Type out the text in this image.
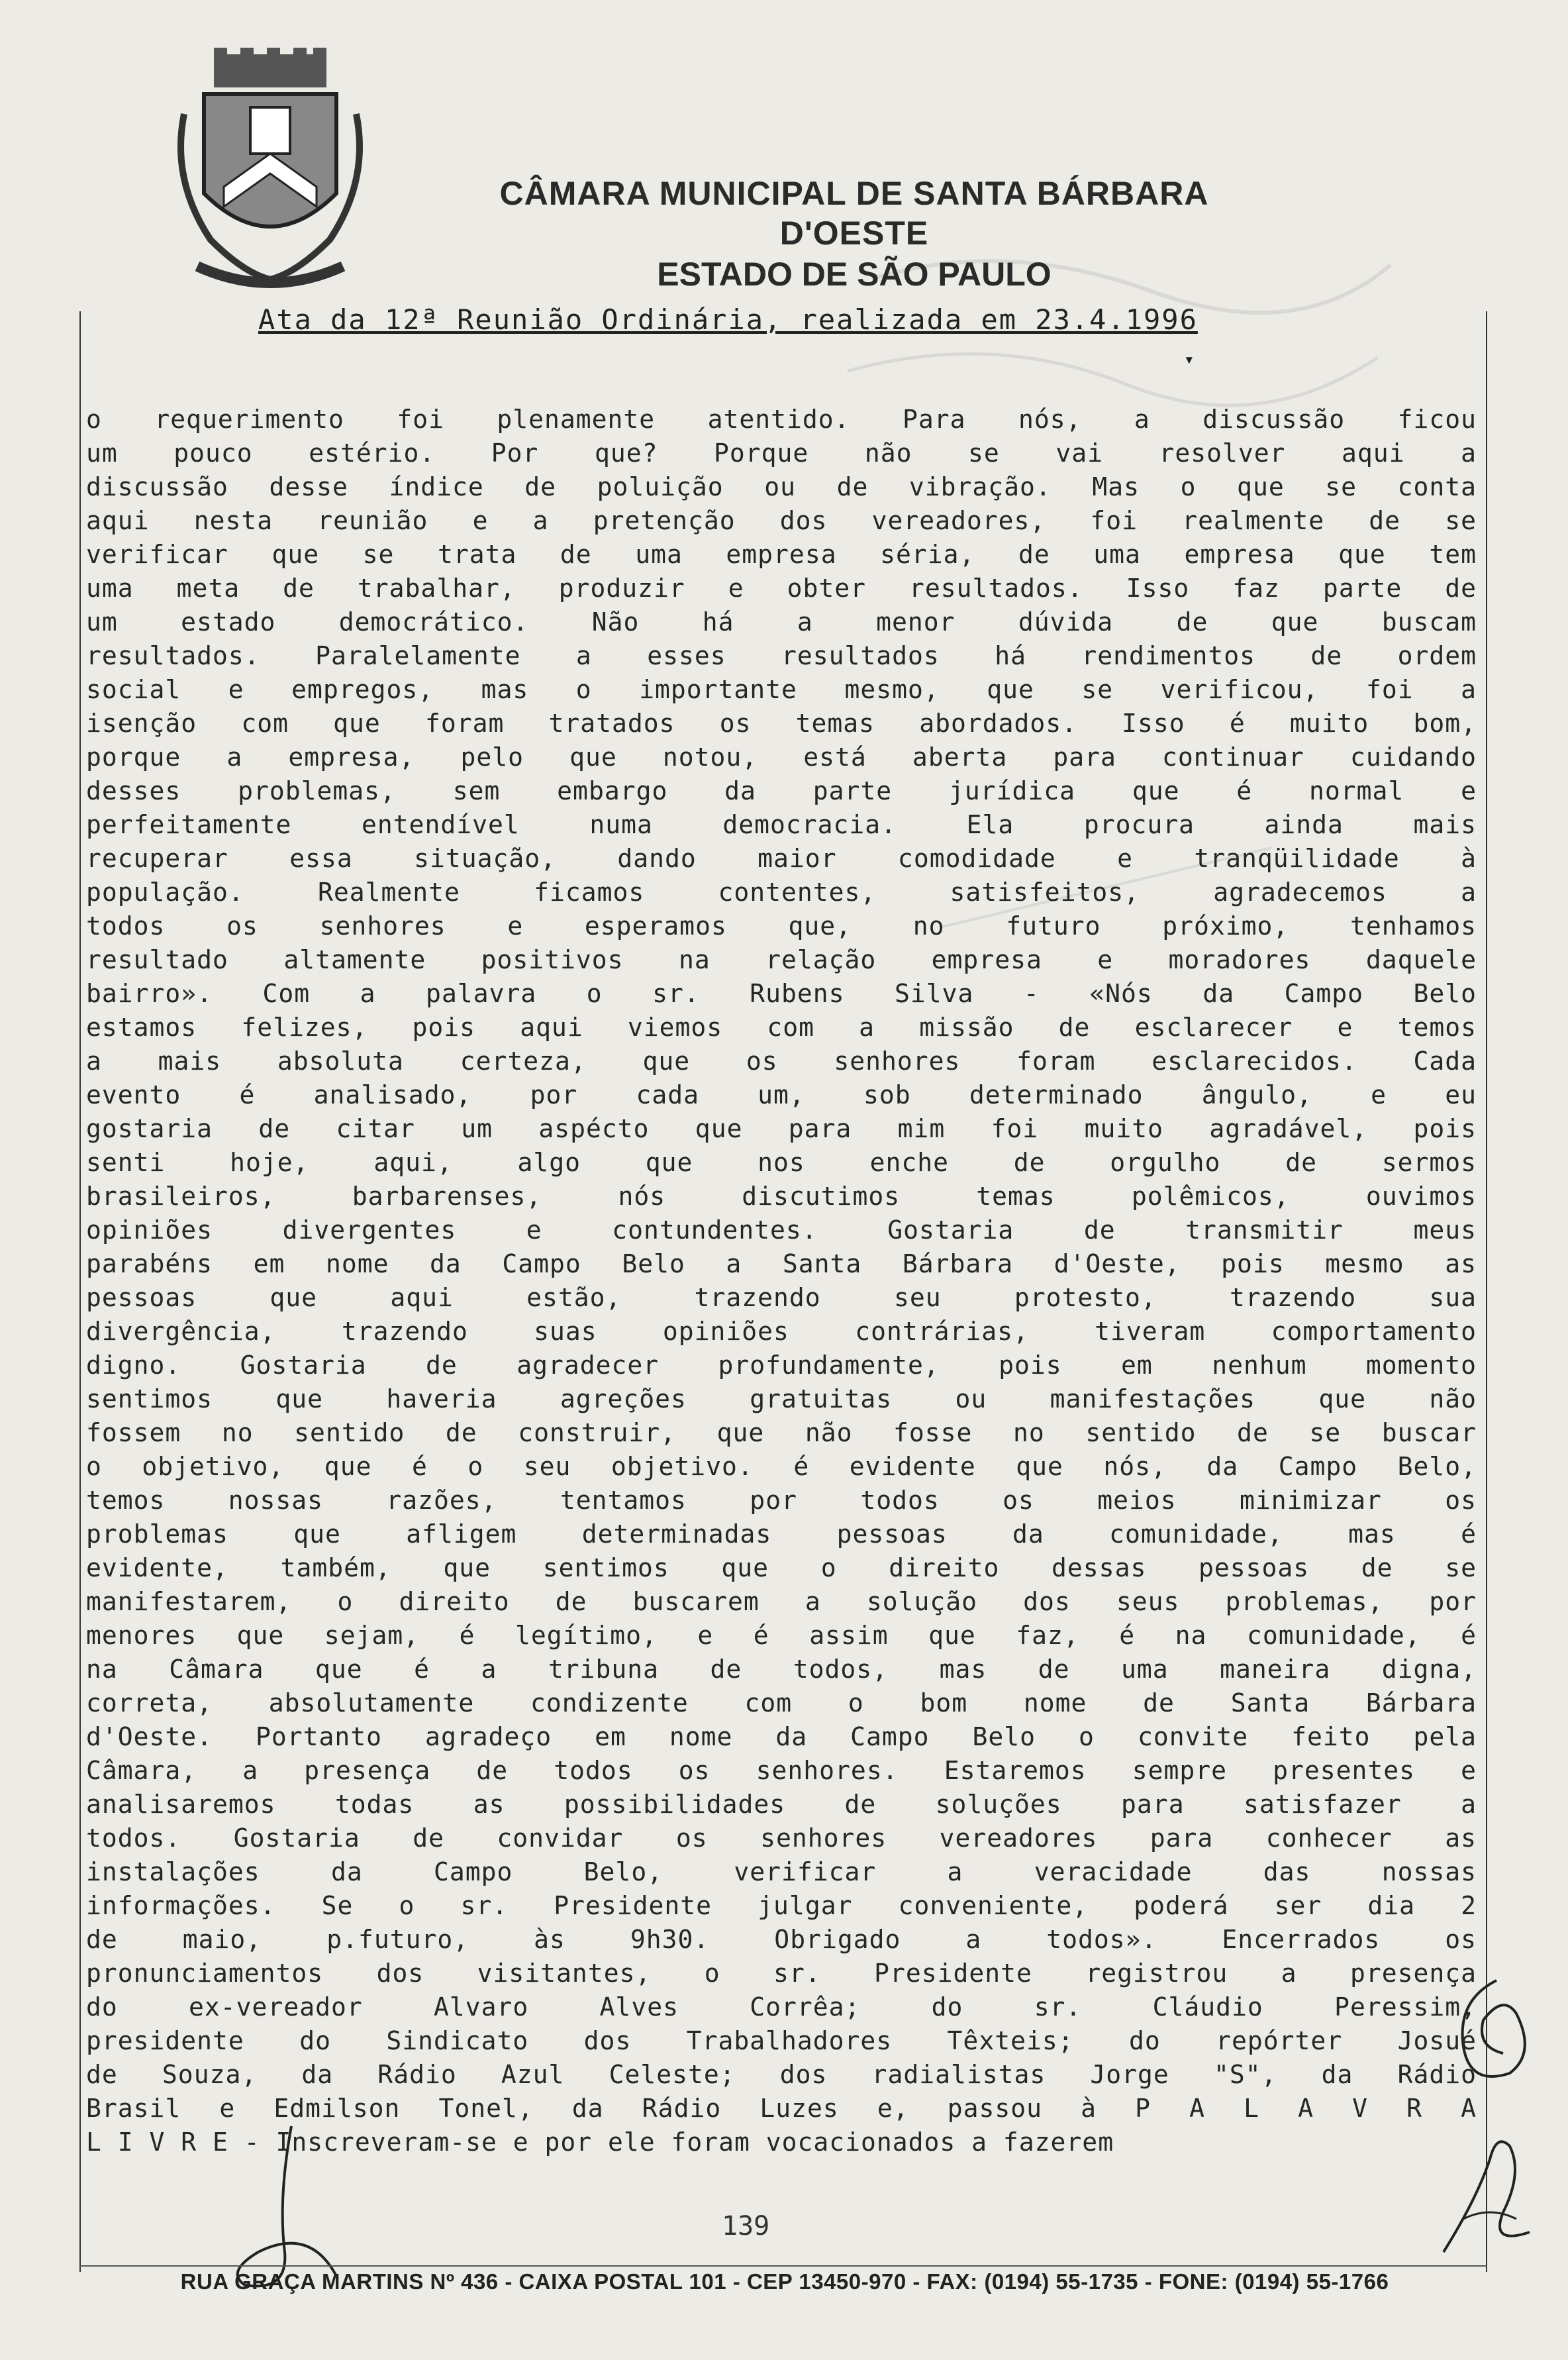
CÂMARA MUNICIPAL DE SANTA BÁRBARA D'OESTE
ESTADO DE SÃO PAULO
Ata da 12ª Reunião Ordinária, realizada em 23.4.1996
▾
o requerimento foi plenamente atentido. Para nós, a discussão ficou
um pouco estério. Por que? Porque não se vai resolver aqui a
discussão desse índice de poluição ou de vibração. Mas o que se conta
aqui nesta reunião e a pretenção dos vereadores, foi realmente de se
verificar que se trata de uma empresa séria, de uma empresa que tem
uma meta de trabalhar, produzir e obter resultados. Isso faz parte de
um estado democrático. Não há a menor dúvida de que buscam
resultados. Paralelamente a esses resultados há rendimentos de ordem
social e empregos, mas o importante mesmo, que se verificou, foi a
isenção com que foram tratados os temas abordados. Isso é muito bom,
porque a empresa, pelo que notou, está aberta para continuar cuidando
desses problemas, sem embargo da parte jurídica que é normal e
perfeitamente entendível numa democracia. Ela procura ainda mais
recuperar essa situação, dando maior comodidade e tranqüilidade à
população. Realmente ficamos contentes, satisfeitos, agradecemos a
todos os senhores e esperamos que, no futuro próximo, tenhamos
resultado altamente positivos na relação empresa e moradores daquele
bairro». Com a palavra o sr. Rubens Silva - «Nós da Campo Belo
estamos felizes, pois aqui viemos com a missão de esclarecer e temos
a mais absoluta certeza, que os senhores foram esclarecidos. Cada
evento é analisado, por cada um, sob determinado ângulo, e eu
gostaria de citar um aspécto que para mim foi muito agradável, pois
senti hoje, aqui, algo que nos enche de orgulho de sermos
brasileiros, barbarenses, nós discutimos temas polêmicos, ouvimos
opiniões divergentes e contundentes. Gostaria de transmitir meus
parabéns em nome da Campo Belo a Santa Bárbara d'Oeste, pois mesmo as
pessoas que aqui estão, trazendo seu protesto, trazendo sua
divergência, trazendo suas opiniões contrárias, tiveram comportamento
digno. Gostaria de agradecer profundamente, pois em nenhum momento
sentimos que haveria agreções gratuitas ou manifestações que não
fossem no sentido de construir, que não fosse no sentido de se buscar
o objetivo, que é o seu objetivo. é evidente que nós, da Campo Belo,
temos nossas razões, tentamos por todos os meios minimizar os
problemas que afligem determinadas pessoas da comunidade, mas é
evidente, também, que sentimos que o direito dessas pessoas de se
manifestarem, o direito de buscarem a solução dos seus problemas, por
menores que sejam, é legítimo, e é assim que faz, é na comunidade, é
na Câmara que é a tribuna de todos, mas de uma maneira digna,
correta, absolutamente condizente com o bom nome de Santa Bárbara
d'Oeste. Portanto agradeço em nome da Campo Belo o convite feito pela
Câmara, a presença de todos os senhores. Estaremos sempre presentes e
analisaremos todas as possibilidades de soluções para satisfazer a
todos. Gostaria de convidar os senhores vereadores para conhecer as
instalações da Campo Belo, verificar a veracidade das nossas
informações. Se o sr. Presidente julgar conveniente, poderá ser dia 2
de maio, p.futuro, às 9h30. Obrigado a todos». Encerrados os
pronunciamentos dos visitantes, o sr. Presidente registrou a presença
do ex-vereador Alvaro Alves Corrêa; do sr. Cláudio Peressim,
presidente do Sindicato dos Trabalhadores Têxteis; do repórter Josué
de Souza, da Rádio Azul Celeste; dos radialistas Jorge "S", da Rádio
Brasil e Edmilson Tonel, da Rádio Luzes e, passou à P A L A V R A
L I V R E - Inscreveram-se e por ele foram vocacionados a fazerem
139
RUA GRAÇA MARTINS Nº 436 - CAIXA POSTAL 101 - CEP 13450-970 - FAX: (0194) 55-1735 - FONE: (0194) 55-1766
